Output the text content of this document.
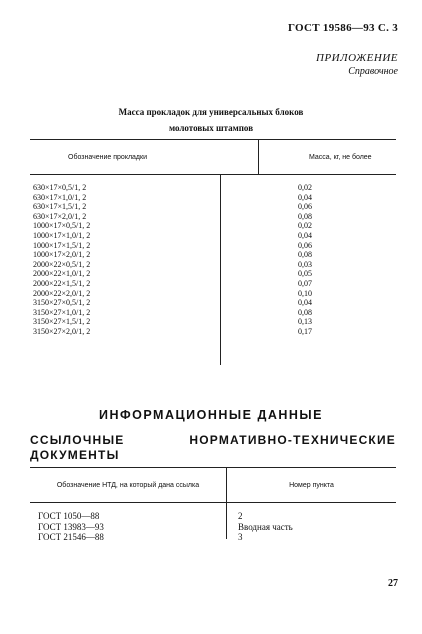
ГОСТ 19586—93 С. 3
ПРИЛОЖЕНИЕ
Справочное
Масса прокладок для универсальных блоков
молотовых штампов
Обозначение прокладки	Масса, кг, не более
630×17×0,5/1, 2	0,02
630×17×1,0/1, 2	0,04
630×17×1,5/1, 2	0,06
630×17×2,0/1, 2	0,08
1000×17×0,5/1, 2	0,02
1000×17×1,0/1, 2	0,04
1000×17×1,5/1, 2	0,06
1000×17×2,0/1, 2	0,08
2000×22×0,5/1, 2	0,03
2000×22×1,0/1, 2	0,05
2000×22×1,5/1, 2	0,07
2000×22×2,0/1, 2	0,10
3150×27×0,5/1, 2	0,04
3150×27×1,0/1, 2	0,08
3150×27×1,5/1, 2	0,13
3150×27×2,0/1, 2	0,17
ИНФОРМАЦИОННЫЕ ДАННЫЕ
ССЫЛОЧНЫЕ НОРМАТИВНО-ТЕХНИЧЕСКИЕ ДОКУМЕНТЫ
Обозначение НТД, на который дана ссылка	Номер пункта
ГОСТ 1050—88	2
ГОСТ 13983—93	Вводная часть
ГОСТ 21546—88	3
27
